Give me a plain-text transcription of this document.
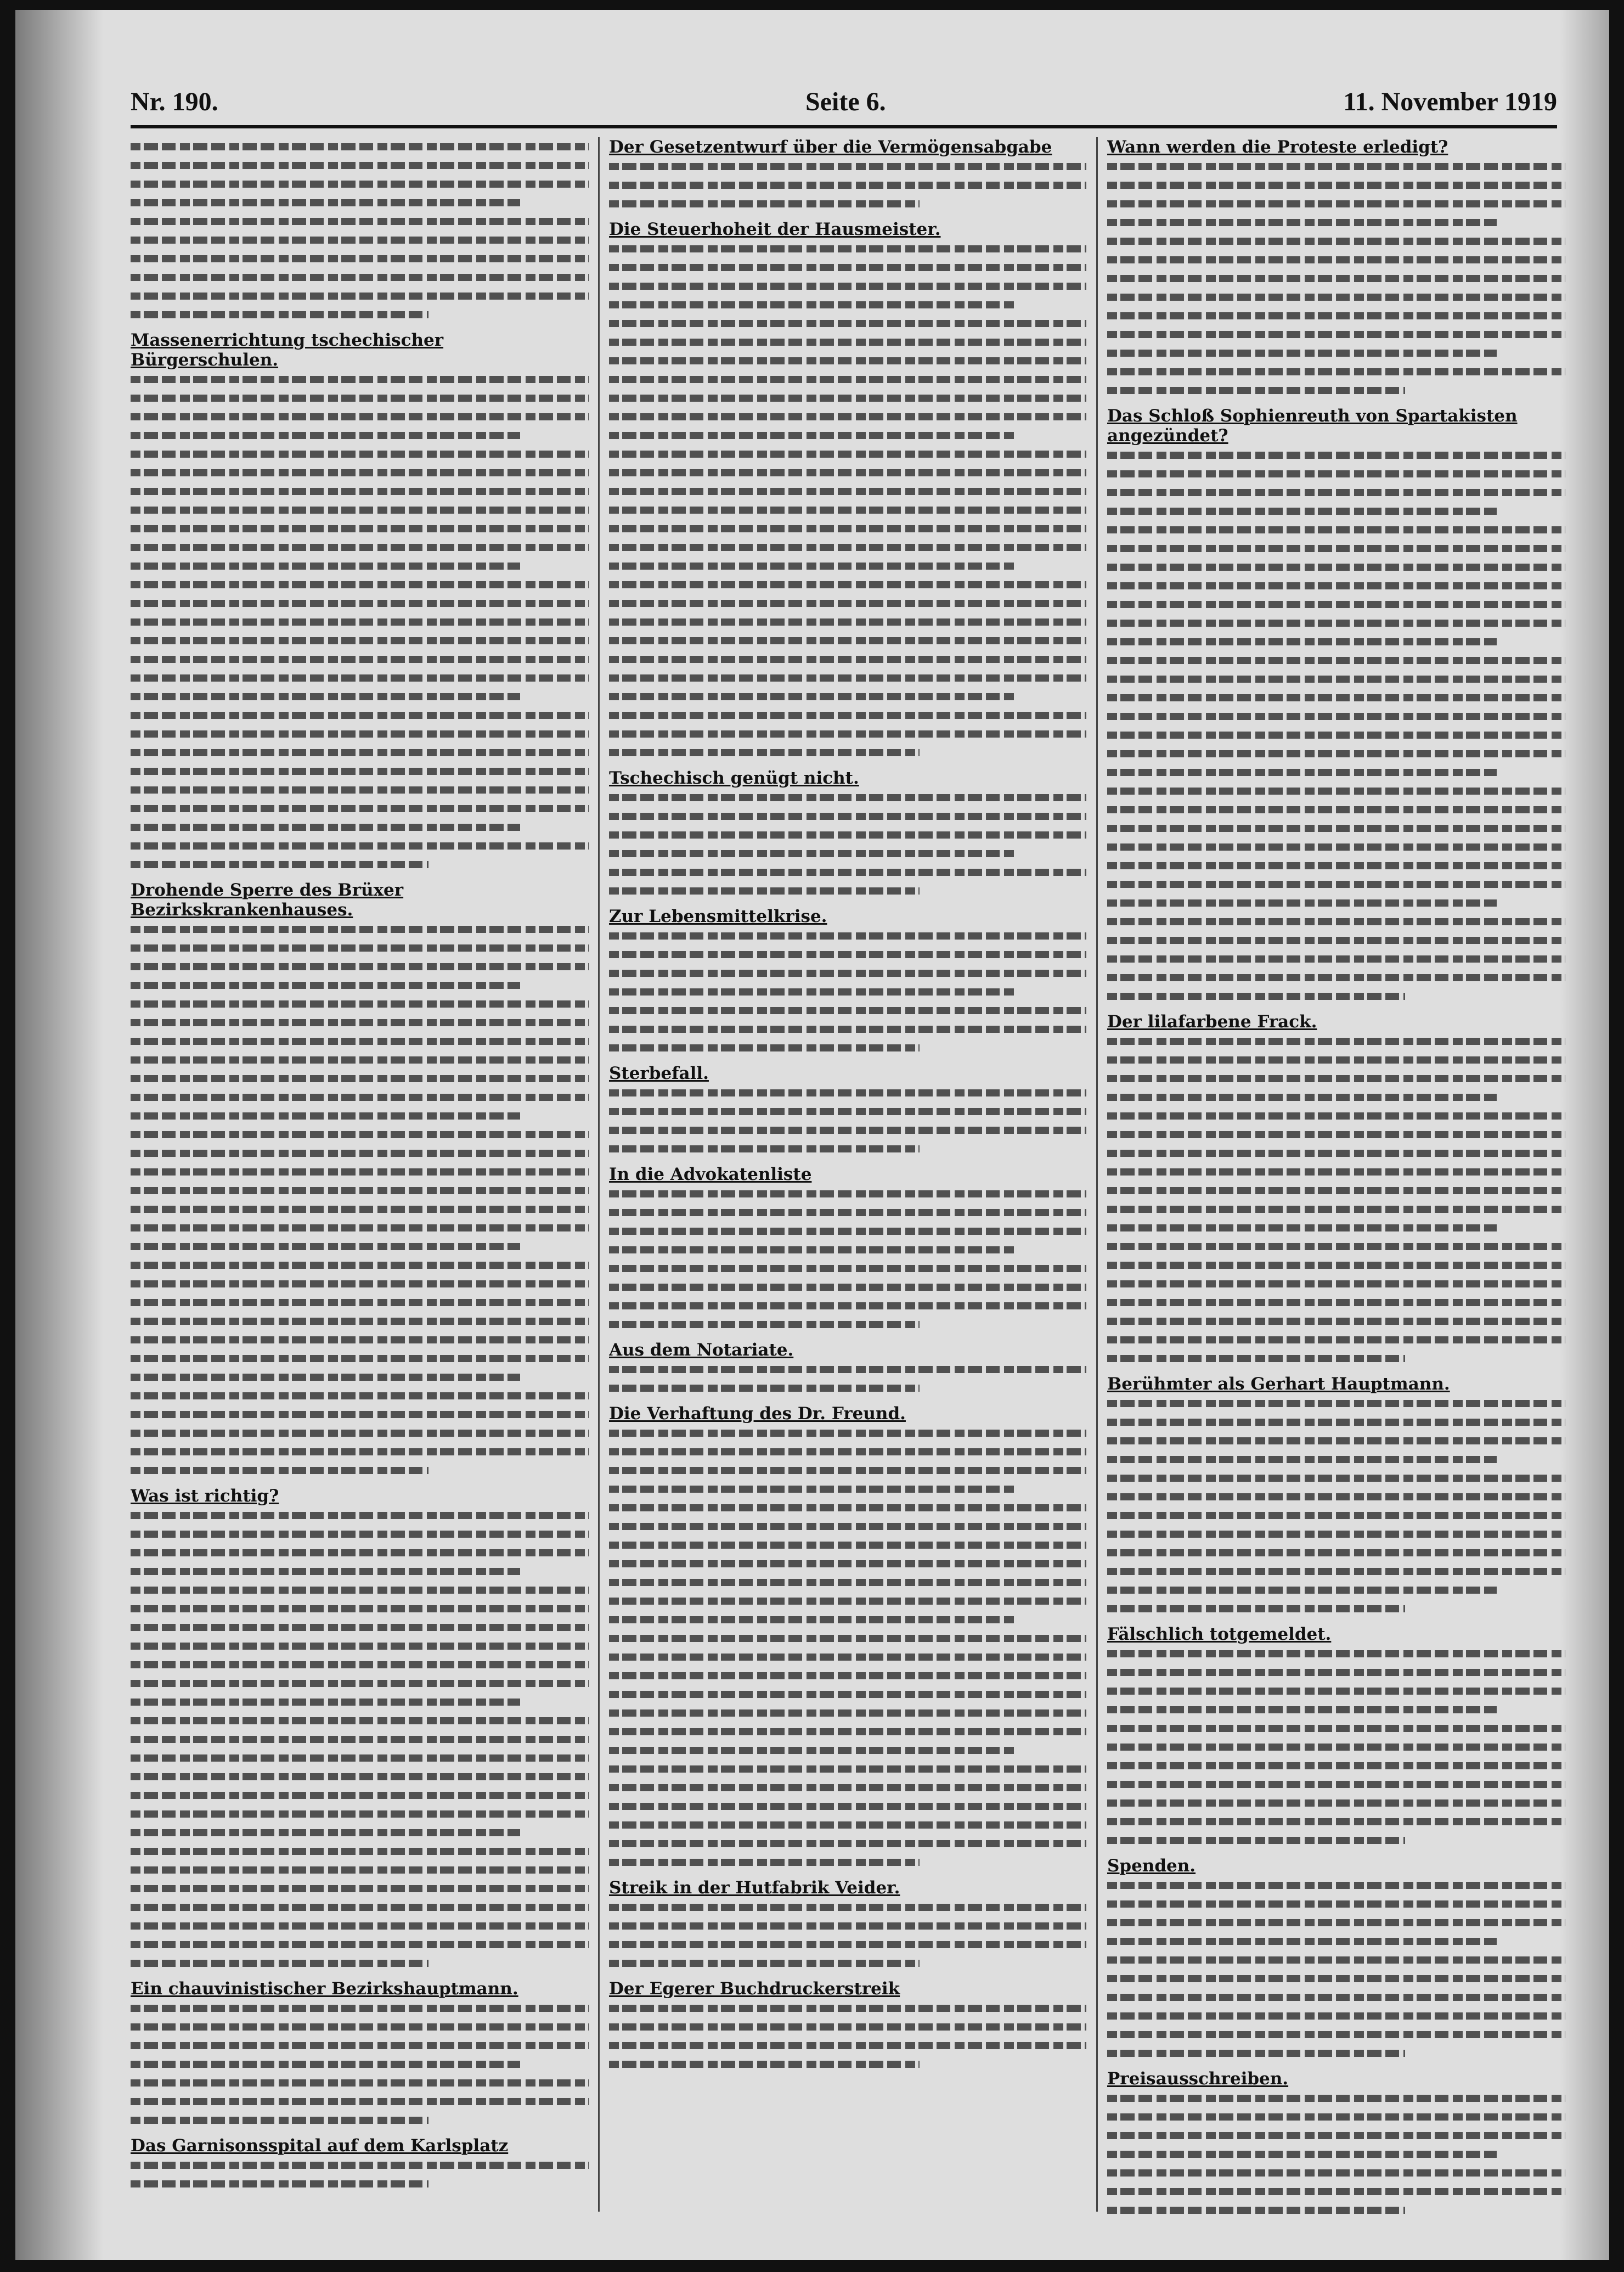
Nr. 190.	Seite 6.	11. November 1919

Massenerrichtung tschechischer Bürgerschulen.

Drohende Sperre des Brüxer Bezirkskrankenhauses.

Was ist richtig?

Ein chauvinistischer Bezirkshauptmann.

Das Garnisonsspital auf dem Karlsplatz

Der Gesetzentwurf über die Vermögensabgabe

Die Steuerhoheit der Hausmeister.

Tschechisch genügt nicht.

Zur Lebensmittelkrise.

Sterbefall.

In die Advokatenliste

Aus dem Notariate.

Die Verhaftung des Dr. Freund.

Streik in der Hutfabrik Veider.

Der Egerer Buchdruckerstreik

Wann werden die Proteste erledigt?

Das Schloß Sophienreuth von Spartakisten angezündet?

Der lilafarbene Frack.

Berühmter als Gerhart Hauptmann.

Fälschlich totgemeldet.

Spenden.

Preisausschreiben.
